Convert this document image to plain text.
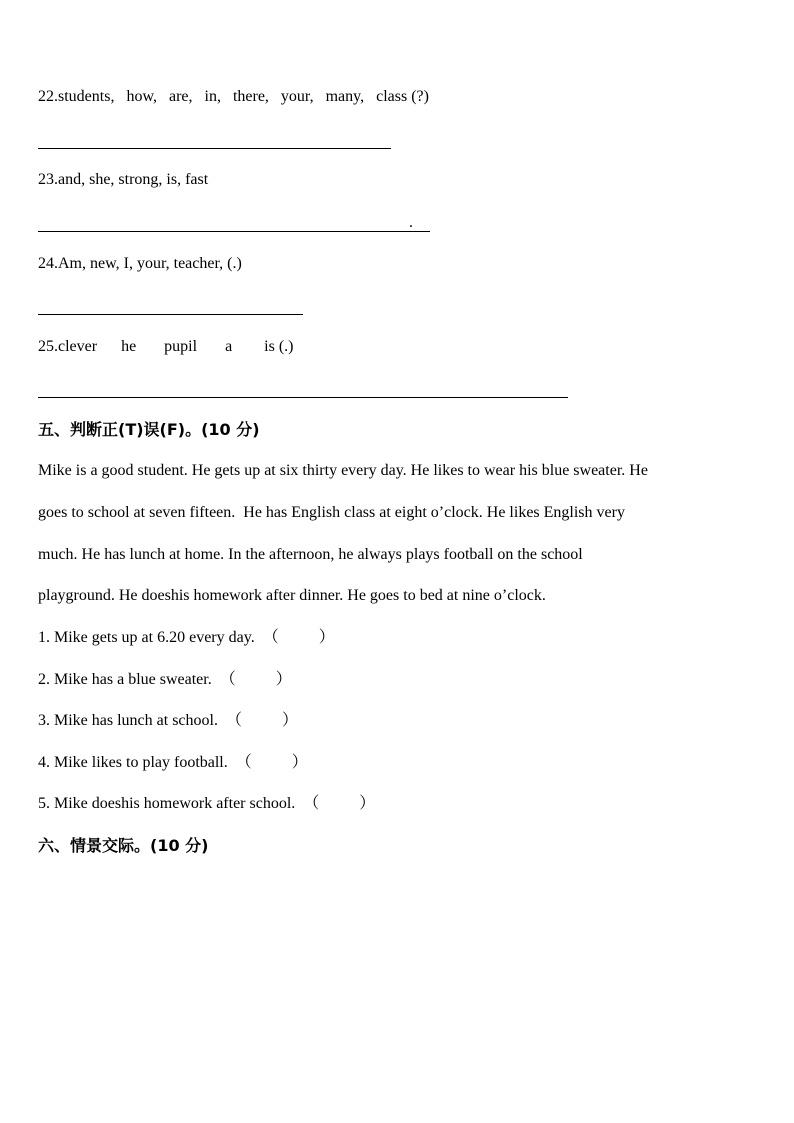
22.students,   how,   are,   in,   there,   your,   many,   class (?)
23.and, she, strong, is, fast
.
24.Am, new, I, your, teacher, (.)
25.clever      he       pupil       a        is (.)
五、判断正(T)误(F)。(10 分)
Mike is a good student. He gets up at six thirty every day. He likes to wear his blue sweater. He
goes to school at seven fifteen.  He has English class at eight o’clock. He likes English very
much. He has lunch at home. In the afternoon, he always plays football on the school
playground. He doeshis homework after dinner. He goes to bed at nine o’clock.
1. Mike gets up at 6.20 every day.  （          ）
2. Mike has a blue sweater.  （          ）
3. Mike has lunch at school.  （          ）
4. Mike likes to play football.  （          ）
5. Mike doeshis homework after school.  （          ）
六、情景交际。(10 分)
